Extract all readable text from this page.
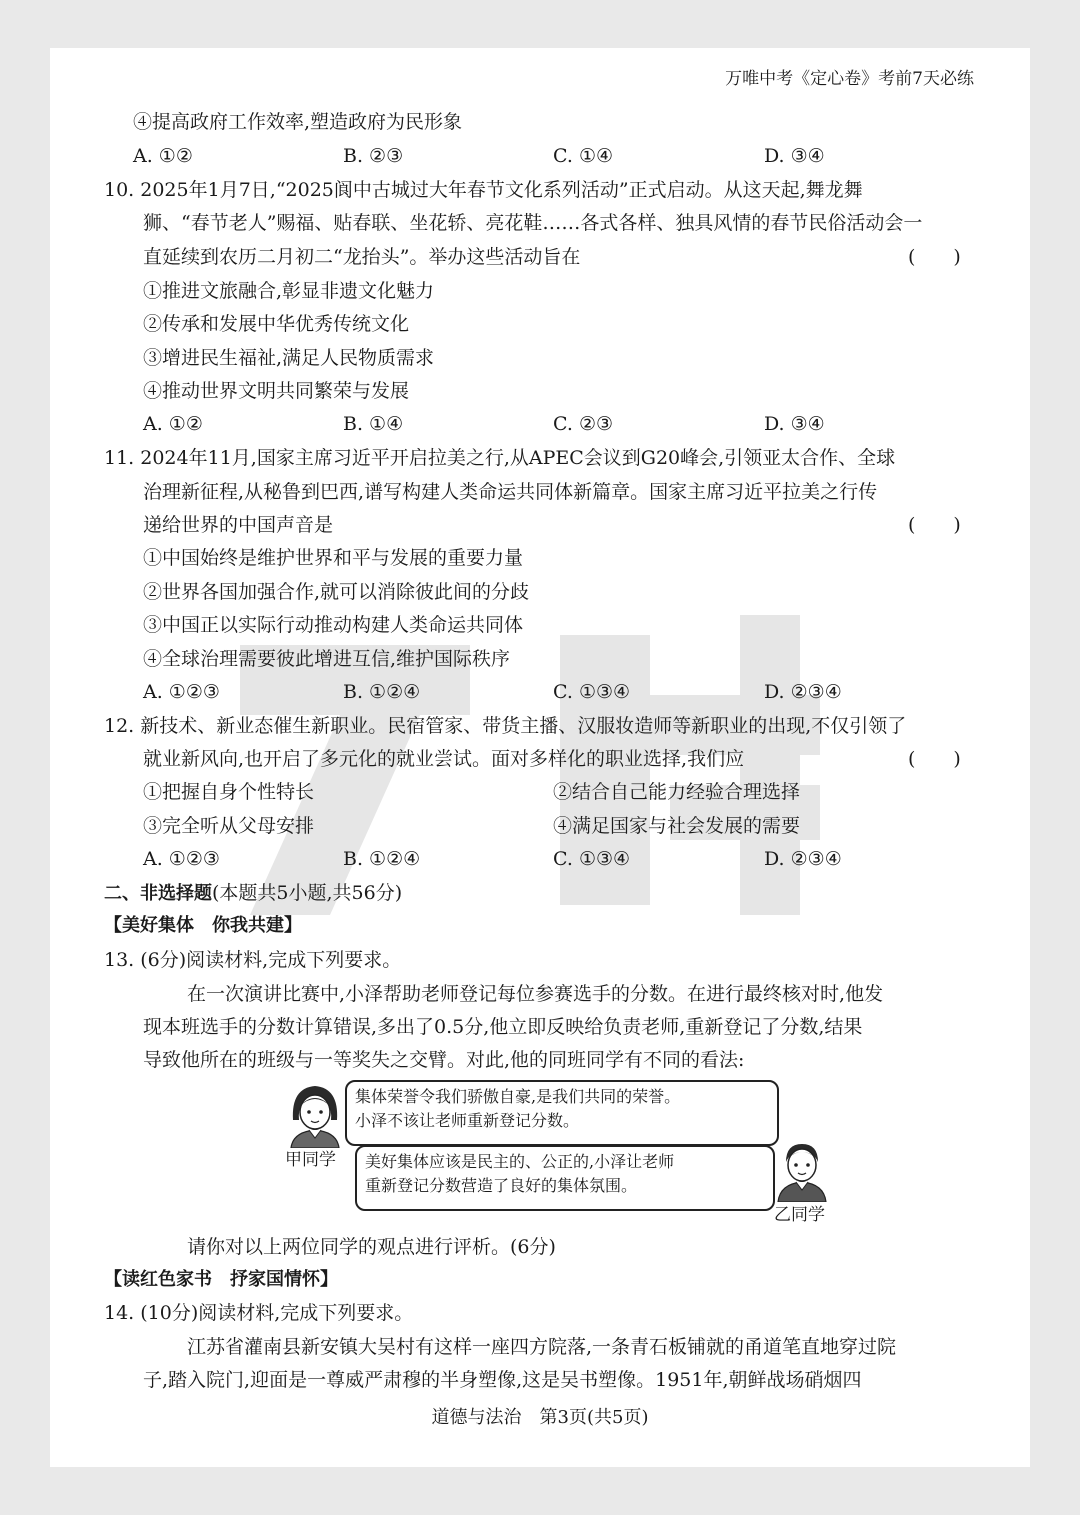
万唯中考《定心卷》考前7天必练
④提高政府工作效率,塑造政府为民形象
A. ①②	B. ②③	C. ①④	D. ③④
10. 2025年1月7日,“2025阆中古城过大年春节文化系列活动”正式启动。从这天起,舞龙舞
狮、“春节老人”赐福、贴春联、坐花轿、亮花鞋……各式各样、独具风情的春节民俗活动会一
直延续到农历二月初二“龙抬头”。举办这些活动旨在	(　　)
①推进文旅融合,彰显非遗文化魅力
②传承和发展中华优秀传统文化
③增进民生福祉,满足人民物质需求
④推动世界文明共同繁荣与发展
A. ①②	B. ①④	C. ②③	D. ③④
11. 2024年11月,国家主席习近平开启拉美之行,从APEC会议到G20峰会,引领亚太合作、全球
治理新征程,从秘鲁到巴西,谱写构建人类命运共同体新篇章。国家主席习近平拉美之行传
递给世界的中国声音是	(　　)
①中国始终是维护世界和平与发展的重要力量
②世界各国加强合作,就可以消除彼此间的分歧
③中国正以实际行动推动构建人类命运共同体
④全球治理需要彼此增进互信,维护国际秩序
A. ①②③	B. ①②④	C. ①③④	D. ②③④
12. 新技术、新业态催生新职业。民宿管家、带货主播、汉服妆造师等新职业的出现,不仅引领了
就业新风向,也开启了多元化的就业尝试。面对多样化的职业选择,我们应	(　　)
①把握自身个性特长	②结合自己能力经验合理选择
③完全听从父母安排	④满足国家与社会发展的需要
A. ①②③	B. ①②④	C. ①③④	D. ②③④
二、非选择题(本题共5小题,共56分)
【美好集体　你我共建】
13. (6分)阅读材料,完成下列要求。
在一次演讲比赛中,小泽帮助老师登记每位参赛选手的分数。在进行最终核对时,他发
现本班选手的分数计算错误,多出了0.5分,他立即反映给负责老师,重新登记了分数,结果
导致他所在的班级与一等奖失之交臂。对此,他的同班同学有不同的看法:
甲同学
集体荣誉令我们骄傲自豪,是我们共同的荣誉。
小泽不该让老师重新登记分数。
美好集体应该是民主的、公正的,小泽让老师
重新登记分数营造了良好的集体氛围。
乙同学
请你对以上两位同学的观点进行评析。(6分)
【读红色家书　抒家国情怀】
14. (10分)阅读材料,完成下列要求。
江苏省灌南县新安镇大吴村有这样一座四方院落,一条青石板铺就的甬道笔直地穿过院
子,踏入院门,迎面是一尊威严肃穆的半身塑像,这是吴书塑像。1951年,朝鲜战场硝烟四
道德与法治　第3页(共5页)
